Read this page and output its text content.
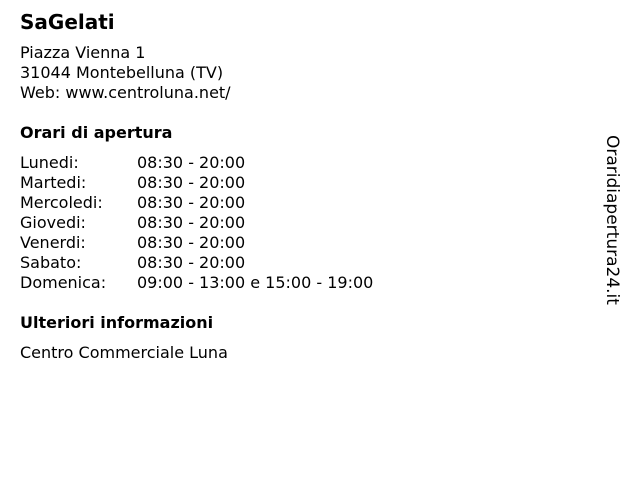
SaGelati
Piazza Vienna 1
31044 Montebelluna (TV)
Web: www.centroluna.net/
Orari di apertura
Lunedi:	08:30 - 20:00
Martedi:	08:30 - 20:00
Mercoledi: 08:30 - 20:00
Giovedi:	08:30 - 20:00
Venerdi:	08:30 - 20:00
Sabato:	08:30 - 20:00
Domenica: 09:00 - 13:00 e 15:00 - 19:00
Ulteriori informazioni
Centro Commerciale Luna
Oraridiapertura24.it
